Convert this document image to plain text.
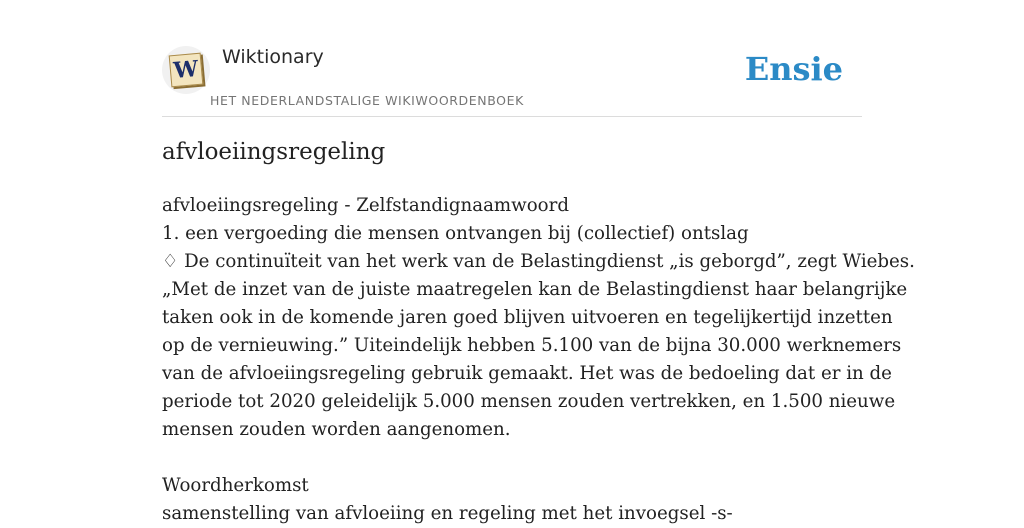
W Wiktionary
HET NEDERLANDSTALIGE WIKIWOORDENBOEK
Ensie
afvloeiingsregeling
afvloeiingsregeling - Zelfstandignaamwoord
1. een vergoeding die mensen ontvangen bij (collectief) ontslag
♢ De continuïteit van het werk van de Belastingdienst „is geborgd”, zegt Wiebes.
„Met de inzet van de juiste maatregelen kan de Belastingdienst haar belangrijke
taken ook in de komende jaren goed blijven uitvoeren en tegelijkertijd inzetten
op de vernieuwing.” Uiteindelijk hebben 5.100 van de bijna 30.000 werknemers
van de afvloeiingsregeling gebruik gemaakt. Het was de bedoeling dat er in de
periode tot 2020 geleidelijk 5.000 mensen zouden vertrekken, en 1.500 nieuwe
mensen zouden worden aangenomen.
Woordherkomst
samenstelling van afvloeiing en regeling met het invoegsel -s-
